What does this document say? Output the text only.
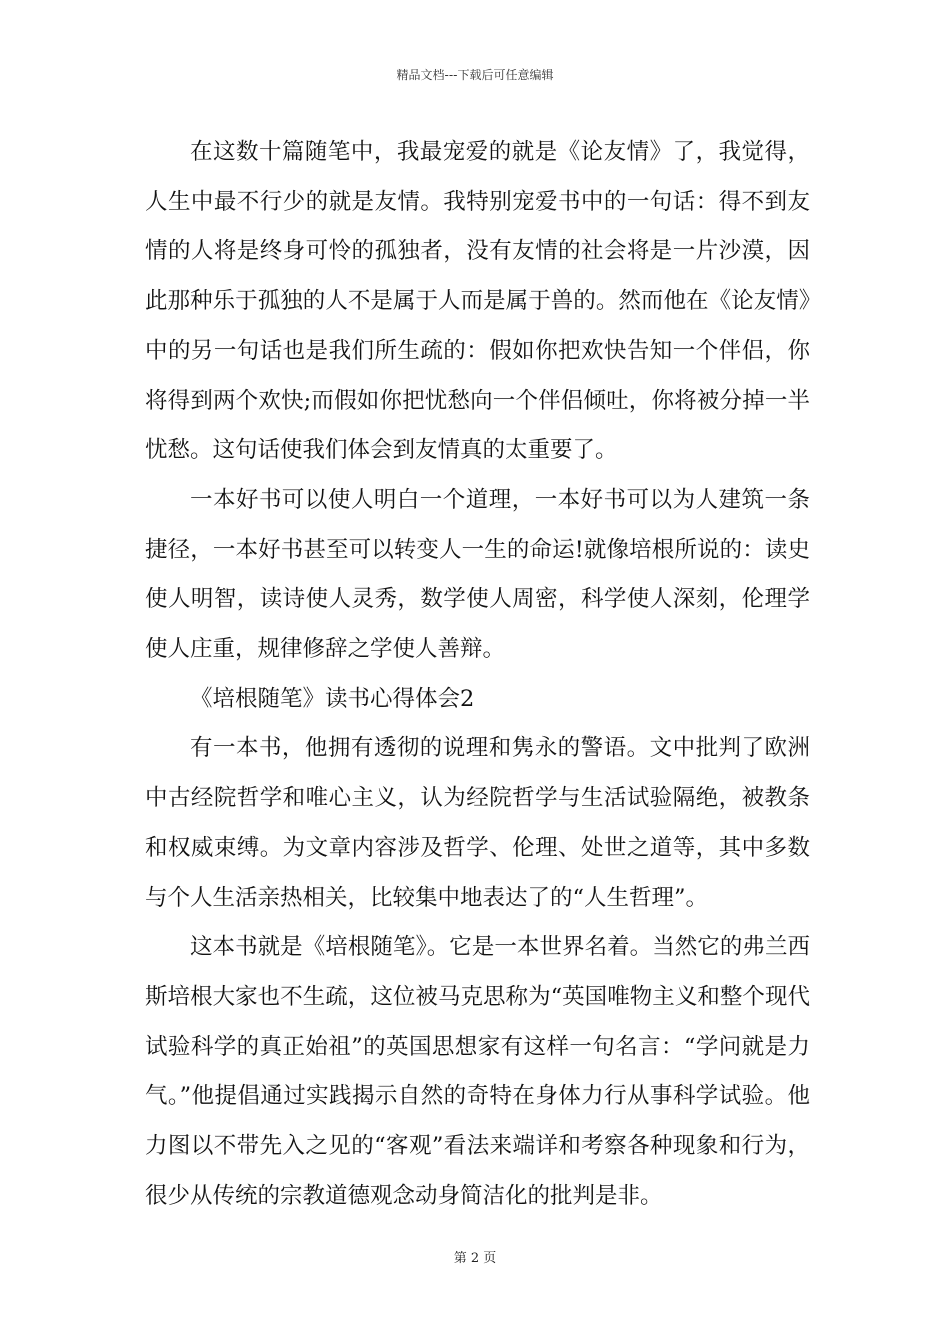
精品文档---下载后可任意编辑

在这数十篇随笔中，我最宠爱的就是《论友情》了，我觉得，人生中最不行少的就是友情。我特别宠爱书中的一句话：得不到友情的人将是终身可怜的孤独者，没有友情的社会将是一片沙漠，因此那种乐于孤独的人不是属于人而是属于兽的。然而他在《论友情》中的另一句话也是我们所生疏的：假如你把欢快告知一个伴侣，你将得到两个欢快;而假如你把忧愁向一个伴侣倾吐，你将被分掉一半忧愁。这句话使我们体会到友情真的太重要了。

一本好书可以使人明白一个道理，一本好书可以为人建筑一条捷径，一本好书甚至可以转变人一生的命运!就像培根所说的：读史使人明智，读诗使人灵秀，数学使人周密，科学使人深刻，伦理学使人庄重，规律修辞之学使人善辩。

《培根随笔》读书心得体会2

有一本书，他拥有透彻的说理和隽永的警语。文中批判了欧洲中古经院哲学和唯心主义，认为经院哲学与生活试验隔绝，被教条和权威束缚。为文章内容涉及哲学、伦理、处世之道等，其中多数与个人生活亲热相关，比较集中地表达了的“人生哲理”。

这本书就是《培根随笔》。它是一本世界名着。当然它的弗兰西斯培根大家也不生疏，这位被马克思称为“英国唯物主义和整个现代试验科学的真正始祖”的英国思想家有这样一句名言：“学问就是力气。”他提倡通过实践揭示自然的奇特在身体力行从事科学试验。他力图以不带先入之见的“客观”看法来端详和考察各种现象和行为，很少从传统的宗教道德观念动身简洁化的批判是非。

第 2 页
